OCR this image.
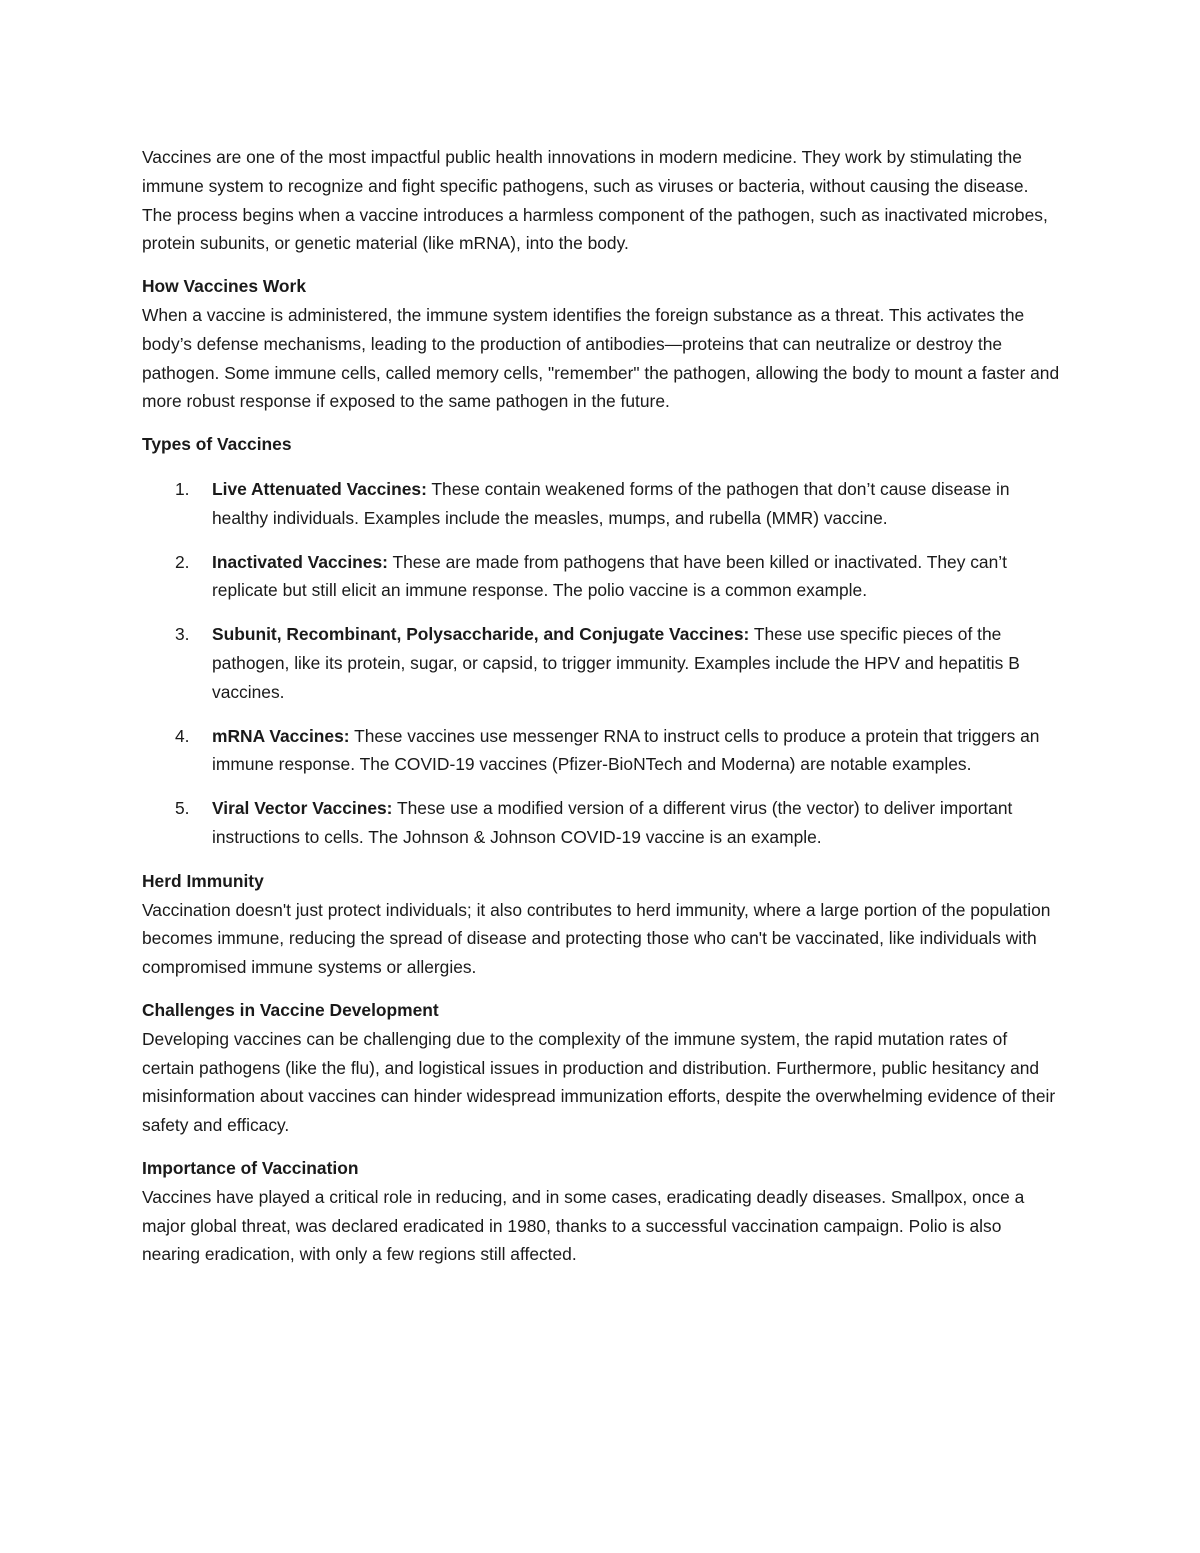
Vaccines are one of the most impactful public health innovations in modern medicine. They work by stimulating the immune system to recognize and fight specific pathogens, such as viruses or bacteria, without causing the disease. The process begins when a vaccine introduces a harmless component of the pathogen, such as inactivated microbes, protein subunits, or genetic material (like mRNA), into the body.

How Vaccines Work

When a vaccine is administered, the immune system identifies the foreign substance as a threat. This activates the body’s defense mechanisms, leading to the production of antibodies—proteins that can neutralize or destroy the pathogen. Some immune cells, called memory cells, "remember" the pathogen, allowing the body to mount a faster and more robust response if exposed to the same pathogen in the future.

Types of Vaccines
1. Live Attenuated Vaccines: These contain weakened forms of the pathogen that don’t cause disease in healthy individuals. Examples include the measles, mumps, and rubella (MMR) vaccine.
2. Inactivated Vaccines: These are made from pathogens that have been killed or inactivated. They can’t replicate but still elicit an immune response. The polio vaccine is a common example.
3. Subunit, Recombinant, Polysaccharide, and Conjugate Vaccines: These use specific pieces of the pathogen, like its protein, sugar, or capsid, to trigger immunity. Examples include the HPV and hepatitis B vaccines.
4. mRNA Vaccines: These vaccines use messenger RNA to instruct cells to produce a protein that triggers an immune response. The COVID-19 vaccines (Pfizer-BioNTech and Moderna) are notable examples.
5. Viral Vector Vaccines: These use a modified version of a different virus (the vector) to deliver important instructions to cells. The Johnson & Johnson COVID-19 vaccine is an example.
Herd Immunity

Vaccination doesn't just protect individuals; it also contributes to herd immunity, where a large portion of the population becomes immune, reducing the spread of disease and protecting those who can't be vaccinated, like individuals with compromised immune systems or allergies.

Challenges in Vaccine Development

Developing vaccines can be challenging due to the complexity of the immune system, the rapid mutation rates of certain pathogens (like the flu), and logistical issues in production and distribution. Furthermore, public hesitancy and misinformation about vaccines can hinder widespread immunization efforts, despite the overwhelming evidence of their safety and efficacy.

Importance of Vaccination

Vaccines have played a critical role in reducing, and in some cases, eradicating deadly diseases. Smallpox, once a major global threat, was declared eradicated in 1980, thanks to a successful vaccination campaign. Polio is also nearing eradication, with only a few regions still affected.
